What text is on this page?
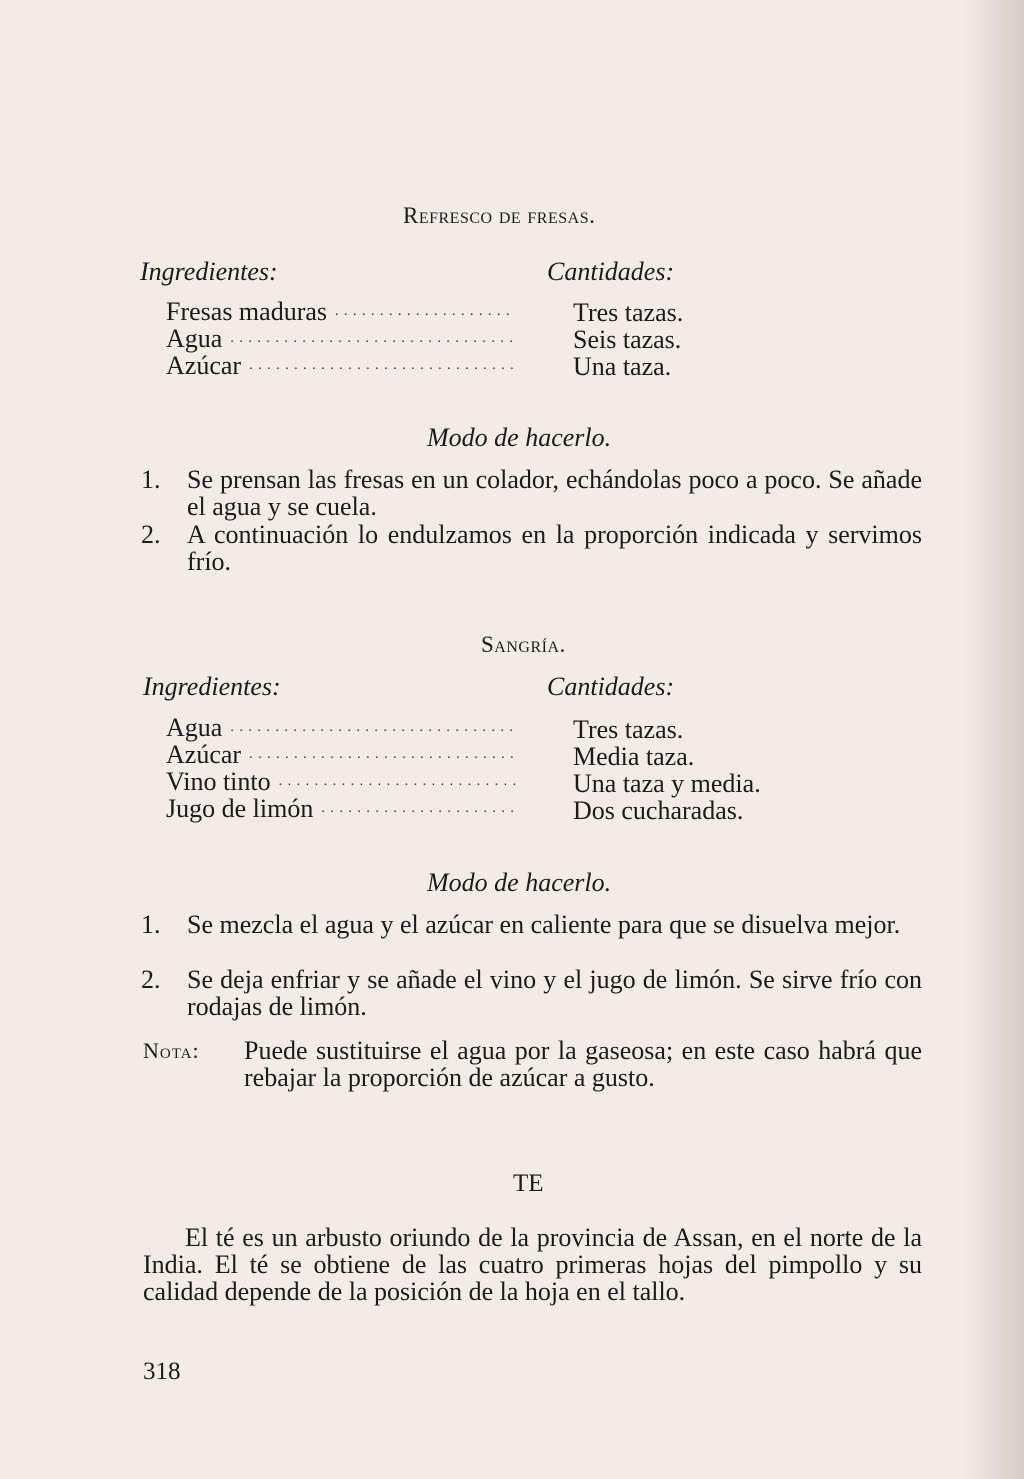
Refresco de fresas.
Ingredientes:	Cantidades:
Fresas maduras . . .	Tres tazas.
Agua . . .	Seis tazas.
Azúcar . . .	Una taza.
Modo de hacerlo.
1. Se prensan las fresas en un colador, echándolas poco a poco. Se añade el agua y se cuela.
2. A continuación lo endulzamos en la proporción indicada y servimos frío.
Sangría.
Ingredientes:	Cantidades:
Agua . . .	Tres tazas.
Azúcar . . .	Media taza.
Vino tinto . . .	Una taza y media.
Jugo de limón . . .	Dos cucharadas.
Modo de hacerlo.
1. Se mezcla el agua y el azúcar en caliente para que se disuelva mejor.
2. Se deja enfriar y se añade el vino y el jugo de limón. Se sirve frío con rodajas de limón.
Nota: Puede sustituirse el agua por la gaseosa; en este caso habrá que rebajar la proporción de azúcar a gusto.
TE
El té es un arbusto oriundo de la provincia de Assan, en el norte de la India. El té se obtiene de las cuatro primeras hojas del pimpollo y su calidad depende de la posición de la hoja en el tallo.
318
